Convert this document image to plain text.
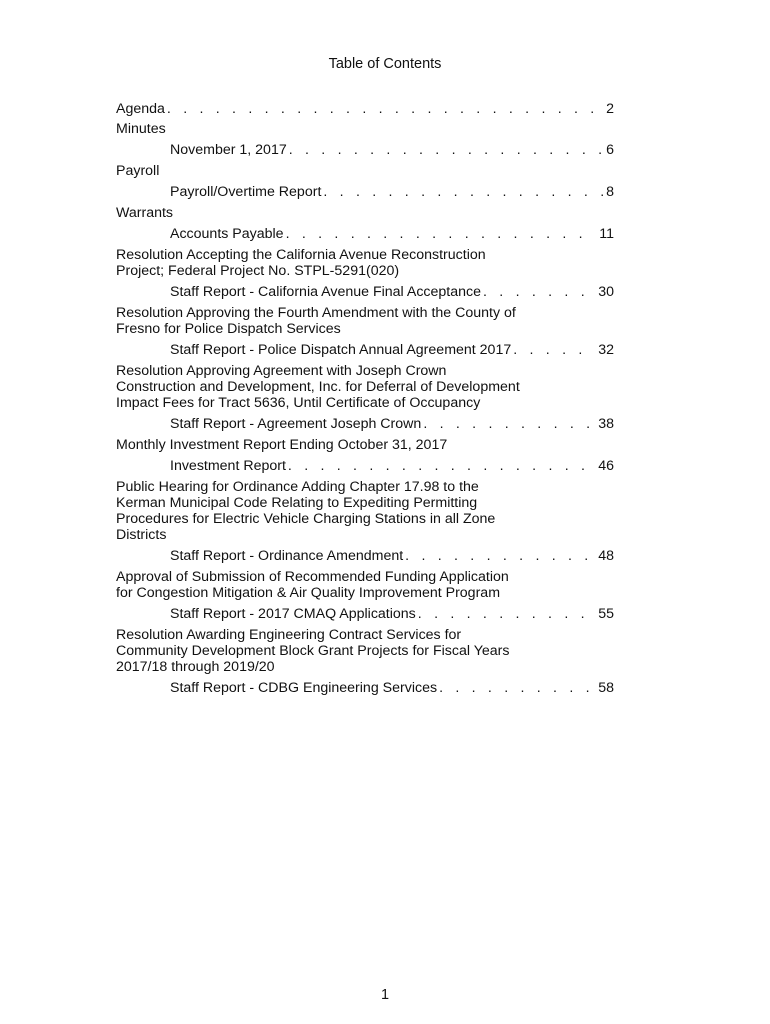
Table of Contents
Agenda . . .	2
Minutes
November 1, 2017 . . .	6
Payroll
Payroll/Overtime Report . . .	8
Warrants
Accounts Payable . . .	11
Resolution Accepting the California Avenue Reconstruction
Project; Federal Project No. STPL-5291(020)
Staff Report - California Avenue Final Acceptance . . .	30
Resolution Approving the Fourth Amendment with the County of
Fresno for Police Dispatch Services
Staff Report - Police Dispatch Annual Agreement 2017 . . .	32
Resolution Approving Agreement with Joseph Crown
Construction and Development, Inc. for Deferral of Development
Impact Fees for Tract 5636, Until Certificate of Occupancy
Staff Report - Agreement Joseph Crown . . .	38
Monthly Investment Report Ending October 31, 2017
Investment Report . . .	46
Public Hearing for Ordinance Adding Chapter 17.98 to the
Kerman Municipal Code Relating to Expediting Permitting
Procedures for Electric Vehicle Charging Stations in all Zone
Districts
Staff Report - Ordinance Amendment . . .	48
Approval of Submission of Recommended Funding Application
for Congestion Mitigation & Air Quality Improvement Program
Staff Report - 2017 CMAQ Applications . . .	55
Resolution Awarding Engineering Contract Services for
Community Development Block Grant Projects for Fiscal Years
2017/18 through 2019/20
Staff Report - CDBG Engineering Services . . .	58
1
